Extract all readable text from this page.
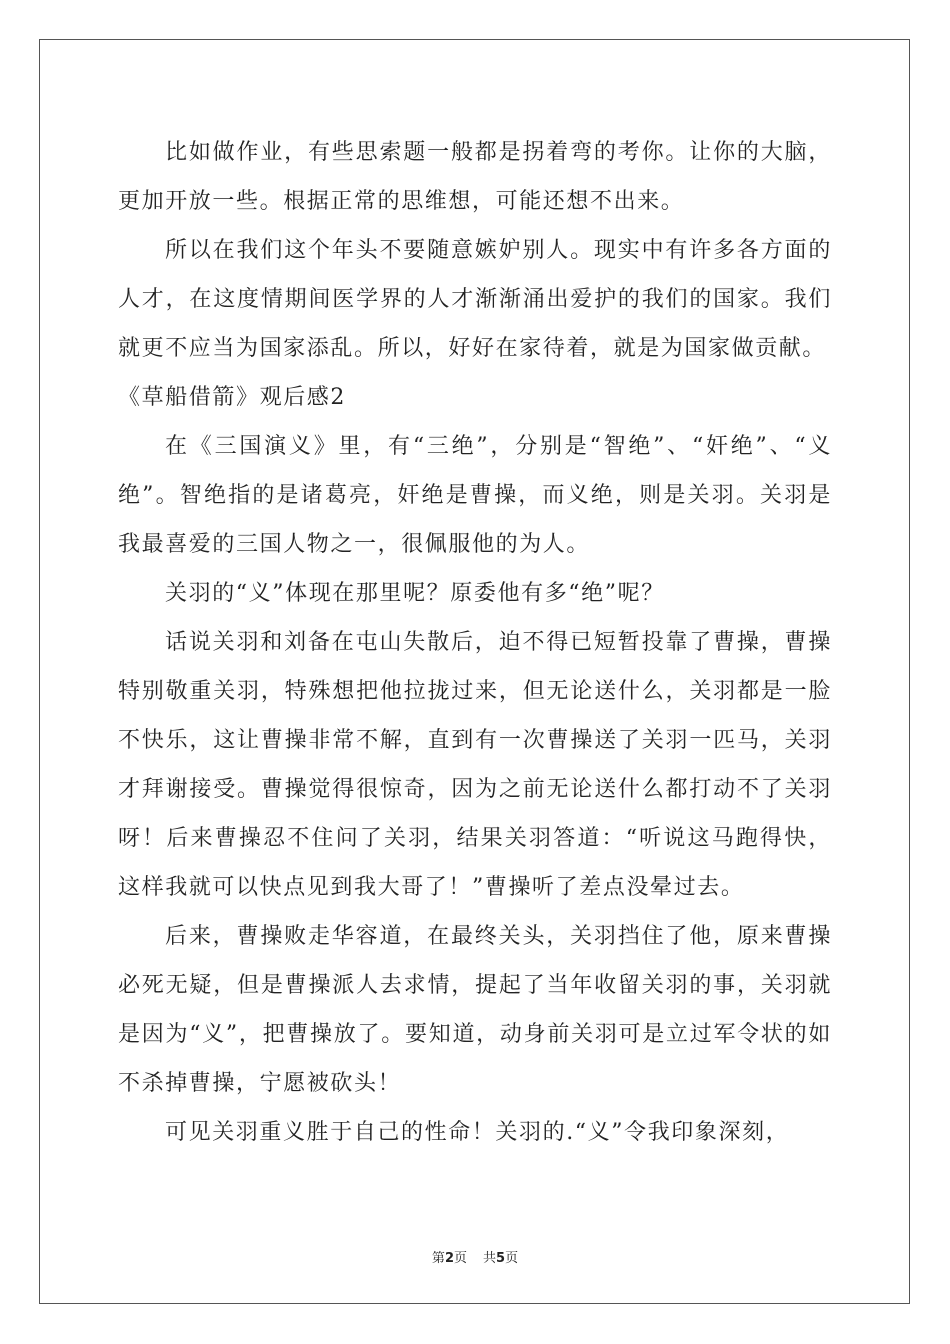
比如做作业，有些思索题一般都是拐着弯的考你。让你的大脑，更加开放一些。根据正常的思维想，可能还想不出来。

所以在我们这个年头不要随意嫉妒别人。现实中有许多各方面的人才，在这度情期间医学界的人才渐渐涌出爱护的我们的国家。我们就更不应当为国家添乱。所以，好好在家待着，就是为国家做贡献。

《草船借箭》观后感2

在《三国演义》里，有“三绝”，分别是“智绝”、“奸绝”、“义绝”。智绝指的是诸葛亮，奸绝是曹操，而义绝，则是关羽。关羽是我最喜爱的三国人物之一，很佩服他的为人。

关羽的“义”体现在那里呢？原委他有多“绝”呢？

话说关羽和刘备在屯山失散后，迫不得已短暂投靠了曹操，曹操特别敬重关羽，特殊想把他拉拢过来，但无论送什么，关羽都是一脸不快乐，这让曹操非常不解，直到有一次曹操送了关羽一匹马，关羽才拜谢接受。曹操觉得很惊奇，因为之前无论送什么都打动不了关羽呀！后来曹操忍不住问了关羽，结果关羽答道：“听说这马跑得快，这样我就可以快点见到我大哥了！”曹操听了差点没晕过去。

后来，曹操败走华容道，在最终关头，关羽挡住了他，原来曹操必死无疑，但是曹操派人去求情，提起了当年收留关羽的事，关羽就是因为“义”，把曹操放了。要知道，动身前关羽可是立过军令状的如不杀掉曹操，宁愿被砍头！

可见关羽重义胜于自己的性命！关羽的.“义”令我印象深刻，

第2页 共5页
